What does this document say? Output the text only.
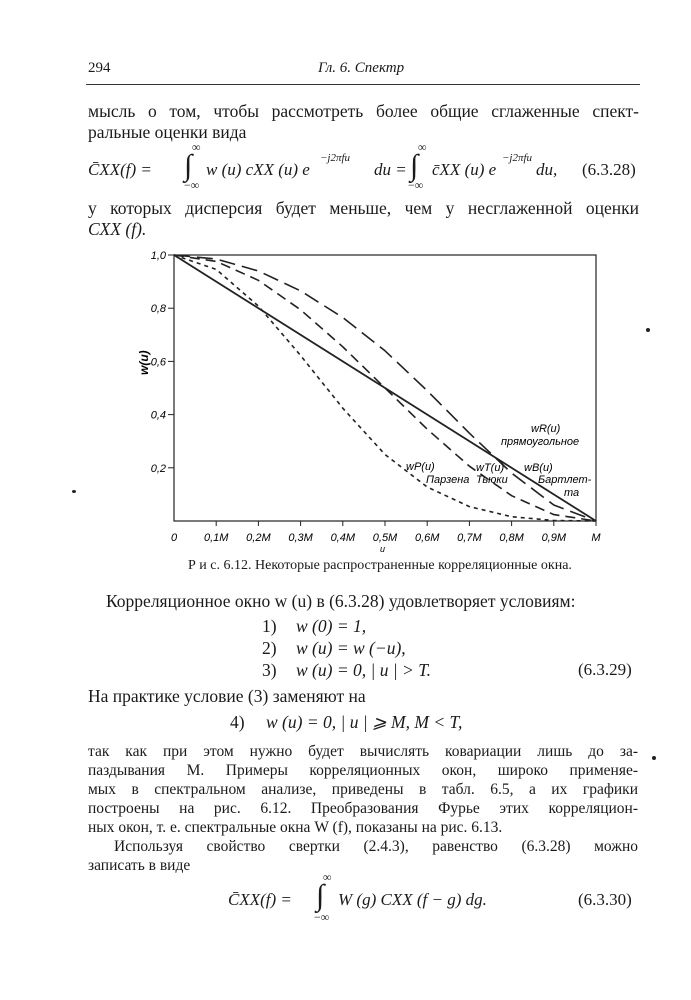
294	Гл. 6. Спектр
мысль о том, чтобы рассмотреть более общие сглаженные спект-
ральные оценки вида
C̄XX(f) =
∞
∫
−∞
w (u) cXX (u) e
−j2πfu
du =
∞
∫
−∞
c̄XX (u) e
−j2πfu
du, (6.3.28)
у которых дисперсия будет меньше, чем у несглаженной оценки
CXX (f).
0,2
0,4
0,6
0,8
1,0
0 0,1M 0,2M 0,3M 0,4M 0,5M 0,6M 0,7M 0,8M 0,9M M
w(u)
u
wR(u)
прямоугольное
wP(u)
Парзена
wT(u)
Тьюки
wB(u)
Бартлет-
та
Р и с. 6.12. Некоторые распространенные корреляционные окна.
Корреляционное окно w (u) в (6.3.28) удовлетворяет условиям:
1) w (0) = 1,
2) w (u) = w (−u),
3) w (u) = 0, | u | > T.	(6.3.29)
На практике условие (3) заменяют на
4) w (u) = 0, | u | ⩾ M, M < T,
так как при этом нужно будет вычислять ковариации лишь до за-
паздывания M. Примеры корреляционных окон, широко применяе-
мых в спектральном анализе, приведены в табл. 6.5, а их графики
построены на рис. 6.12. Преобразования Фурье этих корреляцион-
ных окон, т. е. спектральные окна W (f), показаны на рис. 6.13.
Используя свойство свертки (2.4.3), равенство (6.3.28) можно
записать в виде
C̄XX(f) =
∞
∫
−∞
W (g) CXX (f − g) dg.	(6.3.30)
